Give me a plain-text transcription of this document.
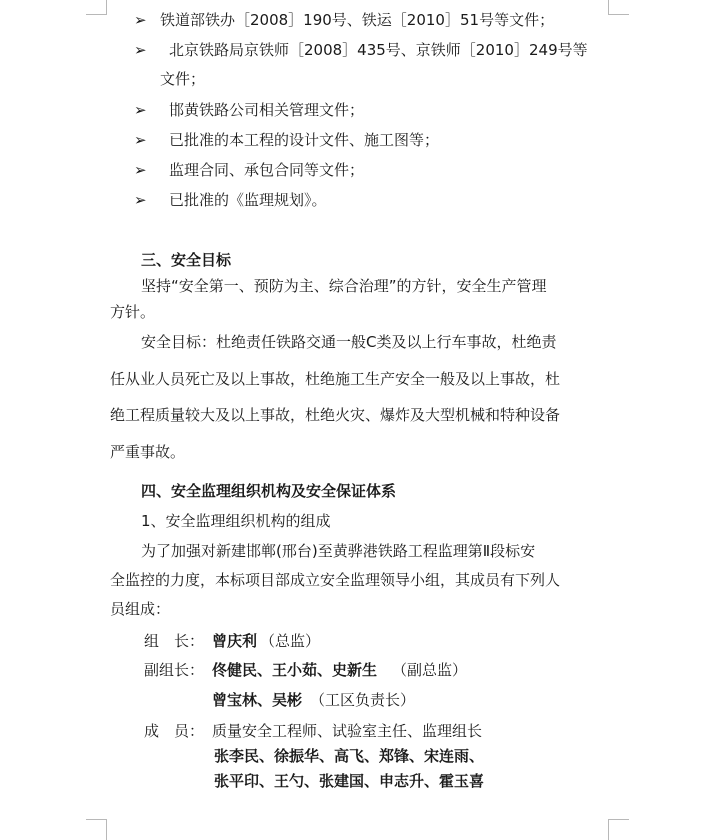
➢
铁道部铁办［2008］190号、铁运［2010］51号等文件；
➢
北京铁路局京铁师［2008］435号、京铁师［2010］249号等
文件；
➢
邯黄铁路公司相关管理文件；
➢
已批准的本工程的设计文件、施工图等；
➢
监理合同、承包合同等文件；
➢
已批准的《监理规划》。
三、安全目标
坚持“安全第一、预防为主、综合治理”的方针，安全生产管理
方针。
安全目标：杜绝责任铁路交通一般C类及以上行车事故，杜绝责
任从业人员死亡及以上事故，杜绝施工生产安全一般及以上事故，杜
绝工程质量较大及以上事故，杜绝火灾、爆炸及大型机械和特种设备
严重事故。
四、安全监理组织机构及安全保证体系
1、安全监理组织机构的组成
为了加强对新建邯郸(邢台)至黄骅港铁路工程监理第Ⅱ段标安
全监控的力度，本标项目部成立安全监理领导小组，其成员有下列人
员组成：
组　长： 曾庆利 （总监）
副组长： 佟健民、王小茹、史新生 （副总监）
曾宝林、吴彬 （工区负责长）
成　员： 质量安全工程师、试验室主任、监理组长
张李民、徐振华、高飞、郑锋、宋连雨、
张平印、王勺、张建国、申志升、霍玉喜
